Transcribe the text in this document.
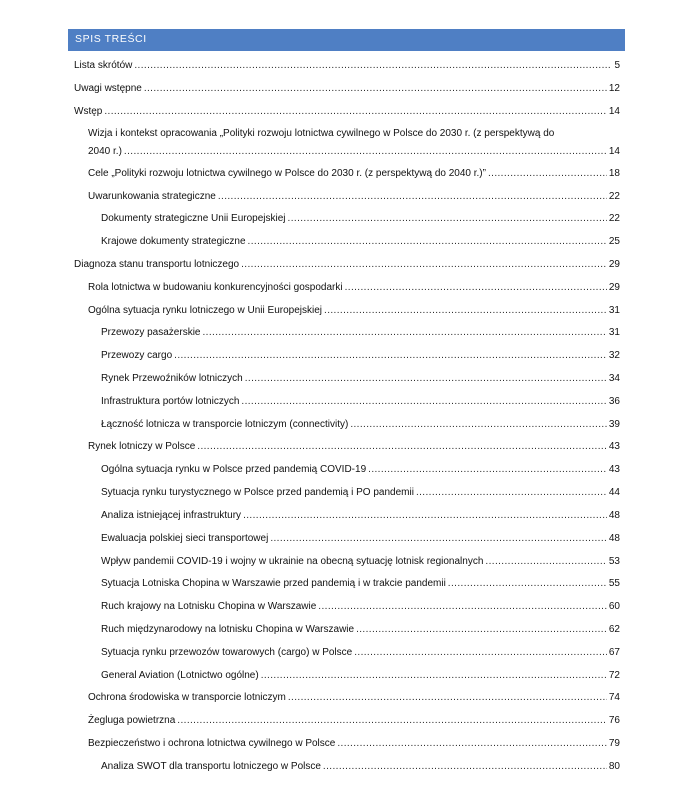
SPIS TREŚCI
Lista skrótów .....	5
Uwagi wstępne .....	12
Wstęp .....	14
Wizja i kontekst opracowania „Polityki rozwoju lotnictwa cywilnego w Polsce do 2030 r. (z perspektywą do
2040 r.) .....	14
Cele „Polityki rozwoju lotnictwa cywilnego w Polsce do 2030 r. (z perspektywą do 2040 r.)” .....	18
Uwarunkowania strategiczne .....	22
Dokumenty strategiczne Unii Europejskiej .....	22
Krajowe dokumenty strategiczne .....	25
Diagnoza stanu transportu lotniczego .....	29
Rola lotnictwa w budowaniu konkurencyjności gospodarki .....	29
Ogólna sytuacja rynku lotniczego w Unii Europejskiej .....	31
Przewozy pasażerskie .....	31
Przewozy cargo .....	32
Rynek Przewoźników lotniczych .....	34
Infrastruktura portów lotniczych .....	36
Łączność lotnicza w transporcie lotniczym (connectivity) .....	39
Rynek lotniczy w Polsce .....	43
Ogólna sytuacja rynku w Polsce przed pandemią COVID-19 .....	43
Sytuacja rynku turystycznego w Polsce przed pandemią i PO pandemii .....	44
Analiza istniejącej infrastruktury .....	48
Ewaluacja polskiej sieci transportowej .....	48
Wpływ pandemii COVID-19 i wojny w ukrainie na obecną sytuację lotnisk regionalnych .....	53
Sytuacja Lotniska Chopina w Warszawie przed pandemią i w trakcie pandemii .....	55
Ruch krajowy na Lotnisku Chopina w Warszawie .....	60
Ruch międzynarodowy na lotnisku Chopina w Warszawie .....	62
Sytuacja rynku przewozów towarowych (cargo) w Polsce .....	67
General Aviation (Lotnictwo ogólne) .....	72
Ochrona środowiska w transporcie lotniczym .....	74
Żegluga powietrzna .....	76
Bezpieczeństwo i ochrona lotnictwa cywilnego w Polsce .....	79
Analiza SWOT dla transportu lotniczego w Polsce .....	80
